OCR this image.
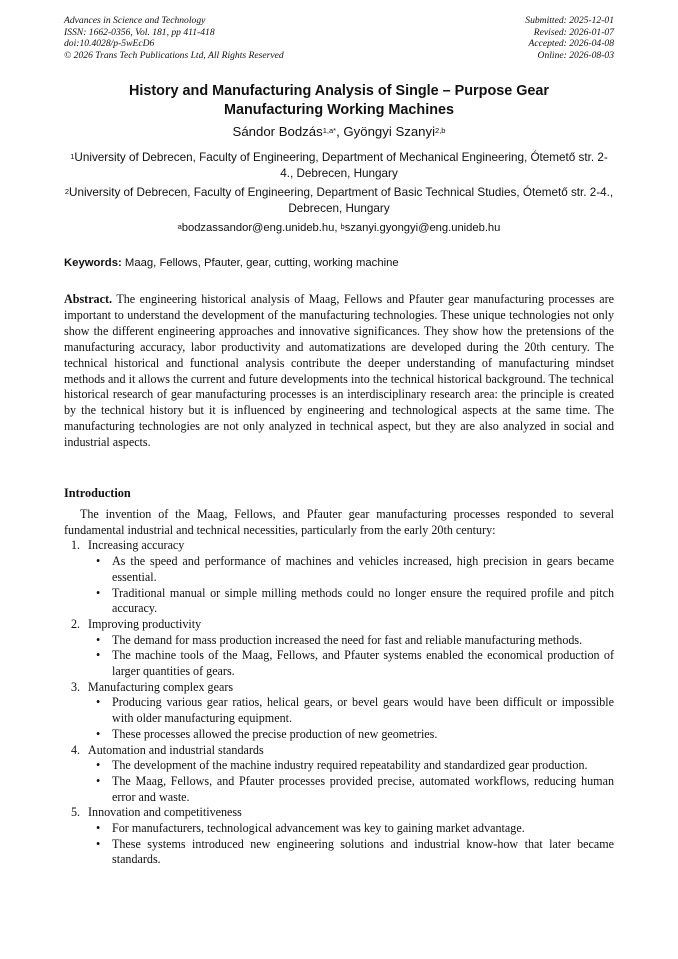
Advances in Science and Technology
ISSN: 1662-0356, Vol. 181, pp 411-418
doi:10.4028/p-5wEcD6
© 2026 Trans Tech Publications Ltd, All Rights Reserved
Submitted: 2025-12-01
Revised: 2026-01-07
Accepted: 2026-04-08
Online: 2026-08-03
History and Manufacturing Analysis of Single – Purpose Gear
Manufacturing Working Machines
Sándor Bodzás$^{1,a*}$, Gyöngyi Szanyi$^{2,b}$
$^1$University of Debrecen, Faculty of Engineering, Department of Mechanical Engineering, Ótemető str. 2-4., Debrecen, Hungary
$^2$University of Debrecen, Faculty of Engineering, Department of Basic Technical Studies, Ótemető str. 2-4., Debrecen, Hungary
$^a$bodzassandor@eng.unideb.hu, $^b$szanyi.gyongyi@eng.unideb.hu
Keywords: Maag, Fellows, Pfauter, gear, cutting, working machine
Abstract. The engineering historical analysis of Maag, Fellows and Pfauter gear manufacturing processes are important to understand the development of the manufacturing technologies. These unique technologies not only show the different engineering approaches and innovative significances. They show how the pretensions of the manufacturing accuracy, labor productivity and automatizations are developed during the 20th century. The technical historical and functional analysis contribute the deeper understanding of manufacturing mindset methods and it allows the current and future developments into the technical historical background. The technical historical research of gear manufacturing processes is an interdisciplinary research area: the principle is created by the technical history but it is influenced by engineering and technological aspects at the same time. The manufacturing technologies are not only analyzed in technical aspect, but they are also analyzed in social and industrial aspects.
Introduction

The invention of the Maag, Fellows, and Pfauter gear manufacturing processes responded to several fundamental industrial and technical necessities, particularly from the early 20th century:

1. Increasing accuracy
• As the speed and performance of machines and vehicles increased, high precision in gears became essential.
• Traditional manual or simple milling methods could no longer ensure the required profile and pitch accuracy.
2. Improving productivity
• The demand for mass production increased the need for fast and reliable manufacturing methods.
• The machine tools of the Maag, Fellows, and Pfauter systems enabled the economical production of larger quantities of gears.
3. Manufacturing complex gears
• Producing various gear ratios, helical gears, or bevel gears would have been difficult or impossible with older manufacturing equipment.
• These processes allowed the precise production of new geometries.
4. Automation and industrial standards
• The development of the machine industry required repeatability and standardized gear production.
• The Maag, Fellows, and Pfauter processes provided precise, automated workflows, reducing human error and waste.
5. Innovation and competitiveness
• For manufacturers, technological advancement was key to gaining market advantage.
• These systems introduced new engineering solutions and industrial know-how that later became standards.
